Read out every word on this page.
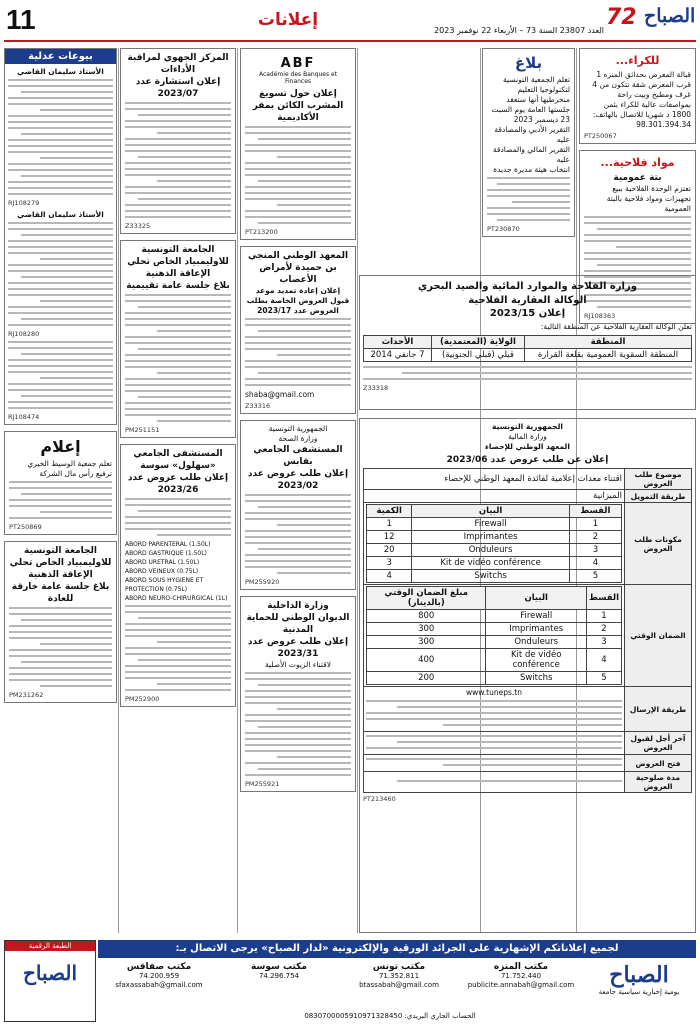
11	إعلانات
العدد 23807 السنة 73 – الأربعاء 22 نوفمبر 2023
72 الصباح
للكراء...
قبالة المعرض بحدائق المنزه 1 قرب المعرض شقة تتكون من 4 غرف ومطبخ وبيت راحة بمواصفات عالية للكراء بثمن 1800 د شهريا للاتصال بالهاتف: 98.301.394.34
PT250067
مواد فلاحية...
بتة عمومية
تعتزم الوحدة الفلاحية ببيع تجهيزات ومواد فلاحية بالبتة العمومية
RJ108363
بلاغ
تعلم الجمعية التونسية لتكنولوجيا التعليم منخرطيها أنها ستعقد جلستها العامة يوم السبت 23 ديسمبر 2023
التقرير الأدبي والمصادقة عليه
التقرير المالي والمصادقة عليه
انتخاب هيئة مديرة جديدة
PT230870
وزارة الفلاحة والموارد المائية والصيد البحري
الوكالة العقارية الفلاحية
إعلان 2023/15
تعلن الوكالة العقارية الفلاحية عن المنطقة التالية:
المنطقة	الولاية (المعتمدية)	الأحداث
المنطقة السقوية العمومية بقلعة القرارة	قبلي (قبلي الجنوبية)	7 جانفي 2014
Z33318
الجمهورية التونسية
وزارة المالية
المعهد الوطني للإحصاء
إعلان عن طلب عروض عدد 2023/06
موضوع طلب العروض	اقتناء معدات إعلامية لفائدة المعهد الوطني للإحصاء
طريقة التمويل	الميزانية
مكونات طلب العروض	
القسط	البيان	الكمية
1	Firewall	1
2	Imprimantes	12
3	Onduleurs	20
4	Kit de vidéo conférence	3
5	Switchs	4

الضمان الوقتي	
القسط	البيان	مبلغ الضمان الوقتي (بالدينار)
1	Firewall	800
2	Imprimantes	300
3	Onduleurs	300
4	Kit de vidéo conférence	400
5	Switchs	200

طريقة الإرسال	www.tuneps.tn

آخر أجل لقبول العروض	

فتح العروض	

مدة صلوحية العروض	
PT213460
ABF
Académie des Banques et Finances
إعلان حول تسويغ المشرب الكائن بمقر الأكاديمية
PT213200
المعهد الوطني المنجي بن حميدة لأمراض الأعصاب
إعلان إعادة تمديد موعد قبول العروض الخاصة بطلب العروض عدد 2023/17
shaba@gmail.com
Z33316
الجمهورية التونسية
وزارة الصحة
المستشفى الجامعي بقابس
إعلان طلب عروض عدد 2023/02
PM255920
وزارة الداخلية
الديوان الوطني للحماية المدنية
إعلان طلب عروض عدد 2023/31
لاقتناء الزيوت الأصلية
PM255921
المركز الجهوي لمراقبة الأداءات
إعلان استشارة عدد 2023/07
Z33325
الجامعة التونسية للاوليمبياد الخاص تحلي الإعاقة الذهنية
بلاغ جلسة عامة تقييمية
PM251151
المستشفى الجامعي «سهلول» سوسة
إعلان طلب عروض عدد 2023/26
ABORD PARENTERAL (1.50L)
ABORD GASTRIQUE (1.50L)
ABORD URETRAL (1.50L)
ABORD VEINEUX (0.75L)
ABORD SOUS HYGIENE ET PROTECTION (0.75L)
ABORD NEURO-CHIRURGICAL (1L)
PM252900
بيوعات عدلية
الأستاذ سليمان القاضي
RJ108279
الأستاذ سليمان القاضي
RJ108280
RJ108474
إعلام
تعلم جمعية الوسيط الخيري ترفيع رأس مال الشركة
PT250869
الجامعة التونسية للاوليمبياد الخاص تحلي الإعاقة الذهنية
بلاغ جلسة عامة خارقة للعادة
PM231262
لجميع إعلاناتكم الإشهارية على الجرائد الورقية والإلكترونية «لدار الصباح» يرجى الاتصال بـ:
الصباح
يومية إخبارية سياسية جامعة
مكتب المنزه
71.752.440
publicite.annabah@gmail.com
مكتب تونس
71.352.811
btassabah@gmail.com
مكتب سوسة
74.296.754
مكتب صفاقس
74.200.959
sfaxassabah@gmail.com
الحساب الجاري البريدي: 0830700005910971328450
الطبعة الرقمية
الصباح
